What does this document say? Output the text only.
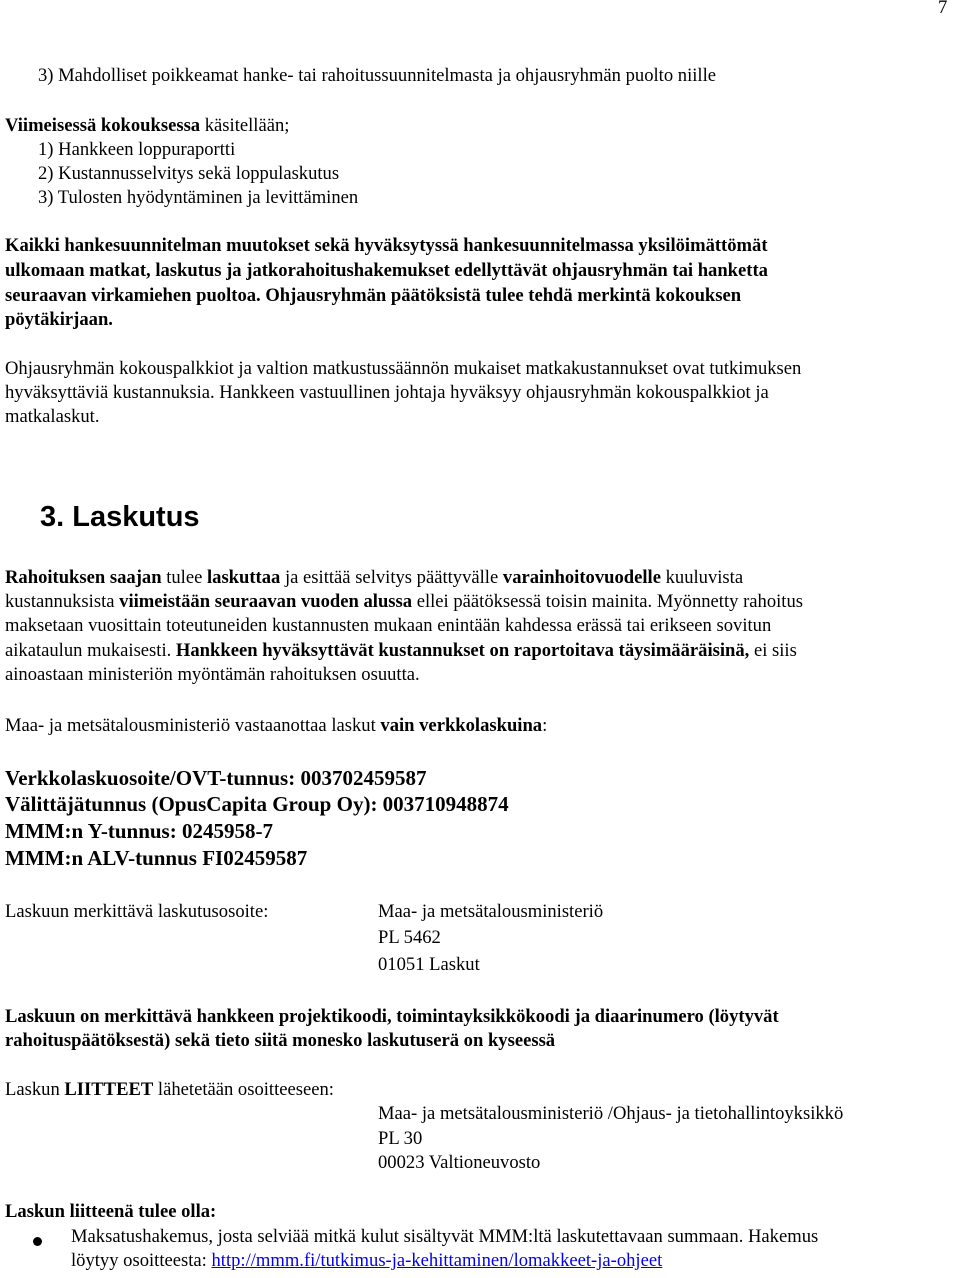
7
3) Mahdolliset poikkeamat hanke- tai rahoitussuunnitelmasta ja ohjausryhmän puolto niille
Viimeisessä kokouksessa käsitellään;
1) Hankkeen loppuraportti
2) Kustannusselvitys sekä loppulaskutus
3) Tulosten hyödyntäminen ja levittäminen
Kaikki hankesuunnitelman muutokset sekä hyväksytyssä hankesuunnitelmassa yksilöimättömät
ulkomaan matkat, laskutus ja jatkorahoitushakemukset edellyttävät ohjausryhmän tai hanketta
seuraavan virkamiehen puoltoa. Ohjausryhmän päätöksistä tulee tehdä merkintä kokouksen
pöytäkirjaan.
Ohjausryhmän kokouspalkkiot ja valtion matkustussäännön mukaiset matkakustannukset ovat tutkimuksen
hyväksyttäviä kustannuksia. Hankkeen vastuullinen johtaja hyväksyy ohjausryhmän kokouspalkkiot ja
matkalaskut.
3. Laskutus
Rahoituksen saajan tulee laskuttaa ja esittää selvitys päättyvälle varainhoitovuodelle kuuluvista
kustannuksista viimeistään seuraavan vuoden alussa ellei päätöksessä toisin mainita. Myönnetty rahoitus
maksetaan vuosittain toteutuneiden kustannusten mukaan enintään kahdessa erässä tai erikseen sovitun
aikataulun mukaisesti. Hankkeen hyväksyttävät kustannukset on raportoitava täysimääräisinä, ei siis
ainoastaan ministeriön myöntämän rahoituksen osuutta.
Maa- ja metsätalousministeriö vastaanottaa laskut vain verkkolaskuina:
Verkkolaskuosoite/OVT-tunnus: 003702459587
Välittäjätunnus (OpusCapita Group Oy): 003710948874
MMM:n Y-tunnus: 0245958-7
MMM:n ALV-tunnus FI02459587
Laskuun merkittävä laskutusosoite:	Maa- ja metsätalousministeriö
PL 5462
01051 Laskut
Laskuun on merkittävä hankkeen projektikoodi, toimintayksikkökoodi ja diaarinumero (löytyvät
rahoituspäätöksestä) sekä tieto siitä monesko laskutuserä on kyseessä
Laskun LIITTEET lähetetään osoitteeseen:
Maa- ja metsätalousministeriö /Ohjaus- ja tietohallintoyksikkö
PL 30
00023 Valtioneuvosto
Laskun liitteenä tulee olla:
Maksatushakemus, josta selviää mitkä kulut sisältyvät MMM:ltä laskutettavaan summaan. Hakemus
löytyy osoitteesta: http://mmm.fi/tutkimus-ja-kehittaminen/lomakkeet-ja-ohjeet
